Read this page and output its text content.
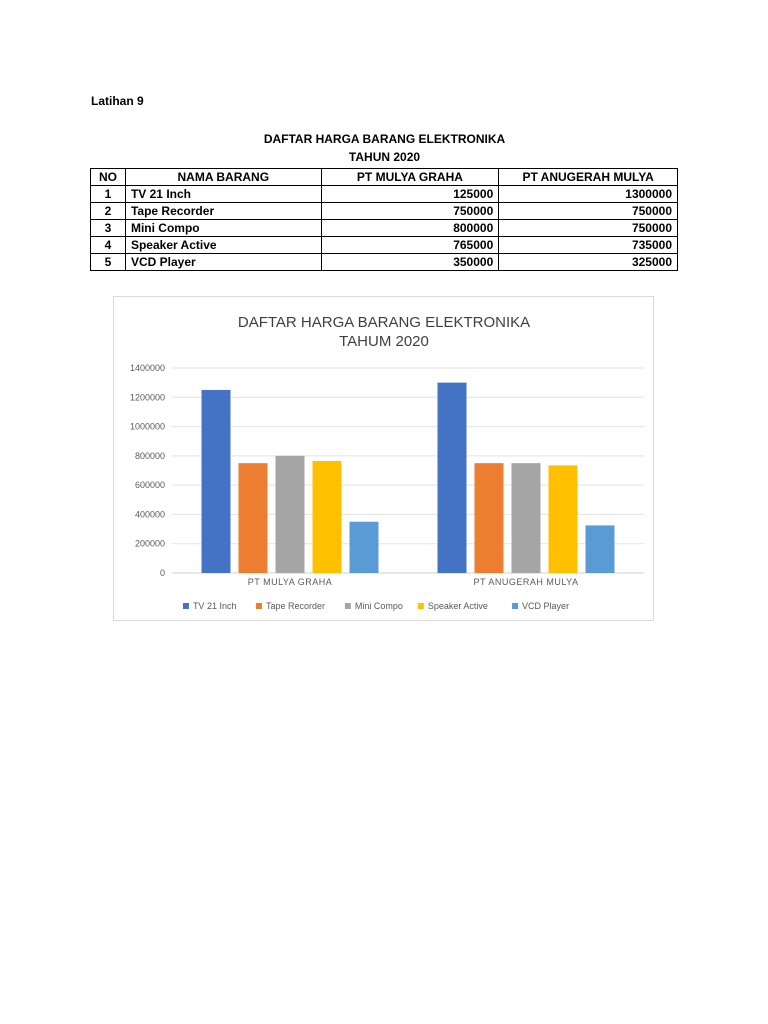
Latihan 9
DAFTAR HARGA BARANG ELEKTRONIKA
TAHUN 2020
NO	NAMA BARANG	PT MULYA GRAHA	PT ANUGERAH MULYA
1	TV 21 Inch	125000	1300000
2	Tape Recorder	750000	750000
3	Mini Compo	800000	750000
4	Speaker Active	765000	735000
5	VCD Player	350000	325000
DAFTAR HARGA BARANG ELEKTRONIKA
TAHUM 2020
0
200000
400000
600000
800000
1000000
1200000
1400000
PT MULYA GRAHA	PT ANUGERAH MULYA
TV 21 Inch	Tape Recorder	Mini Compo	Speaker Active	VCD Player
